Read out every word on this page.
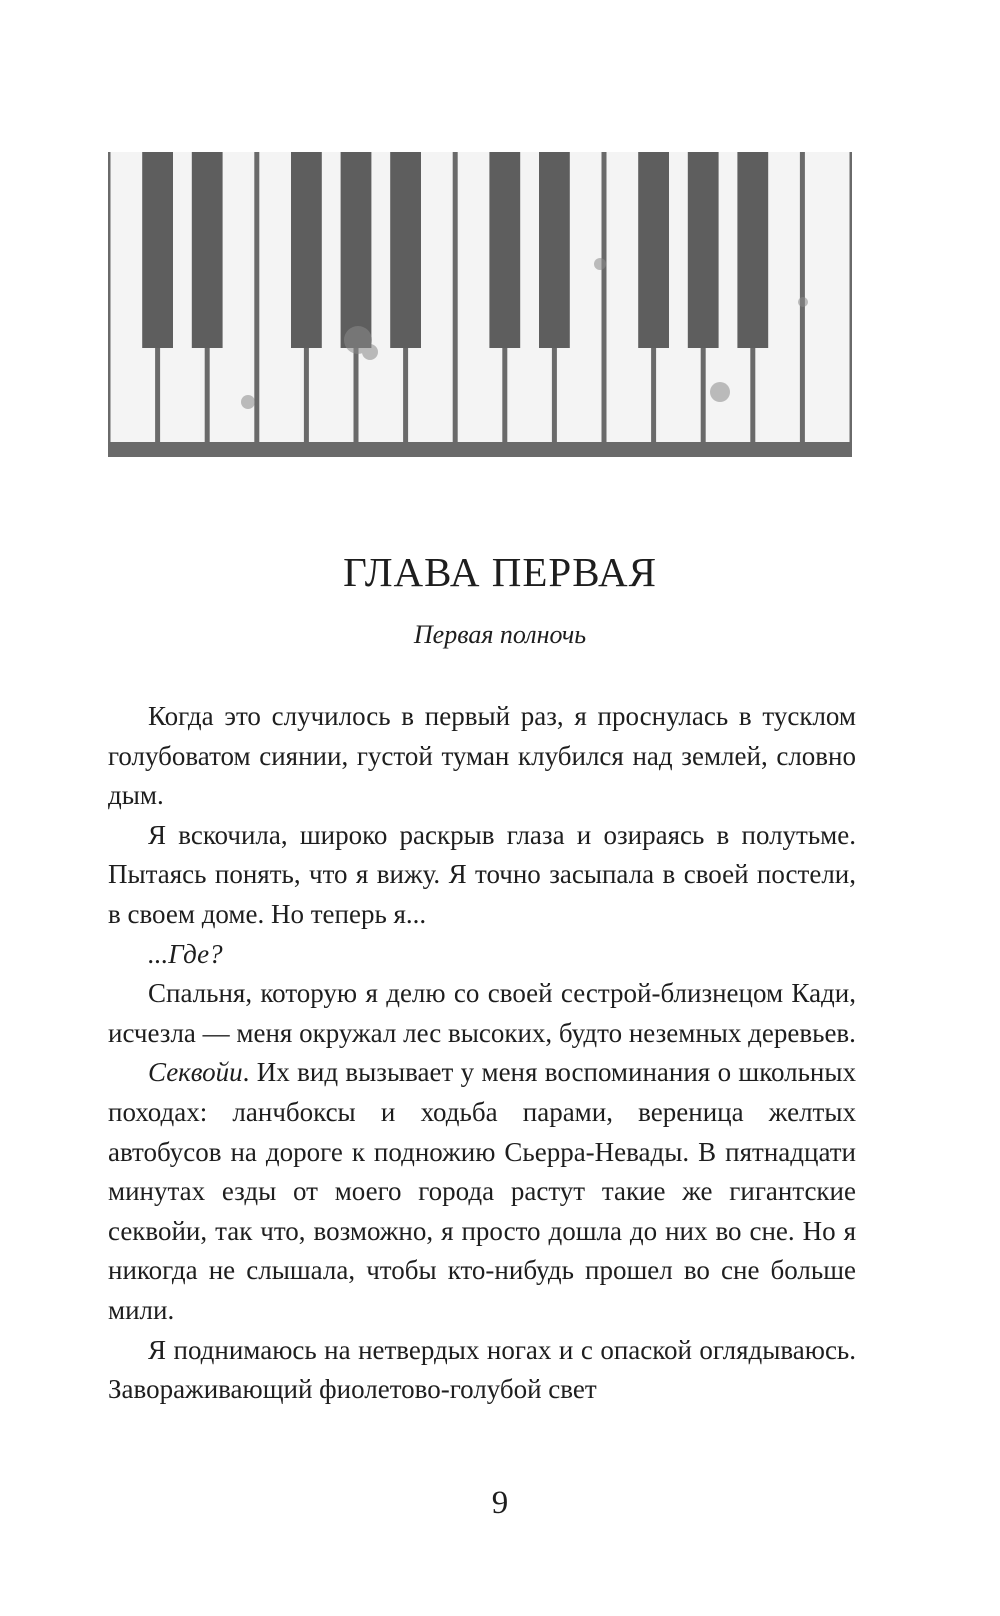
ГЛАВА ПЕРВАЯ
Первая полночь

Когда это случилось в первый раз, я проснулась в тусклом голубоватом сиянии, густой туман клубился над землей, словно дым.

Я вскочила, широко раскрыв глаза и озираясь в полутьме. Пытаясь понять, что я вижу. Я точно засыпала в своей постели, в своем доме. Но теперь я...

...Где?

Спальня, которую я делю со своей сестрой-близнецом Кади, исчезла — меня окружал лес высоких, будто неземных деревьев.

Секвойи. Их вид вызывает у меня воспоминания о школьных походах: ланчбоксы и ходьба парами, вереница желтых автобусов на дороге к подножию Сьерра-Невады. В пятнадцати минутах езды от моего города растут такие же гигантские секвойи, так что, возможно, я просто дошла до них во сне. Но я никогда не слышала, чтобы кто-нибудь прошел во сне больше мили.

Я поднимаюсь на нетвердых ногах и с опаской оглядываюсь. Завораживающий фиолетово-голубой свет

9
